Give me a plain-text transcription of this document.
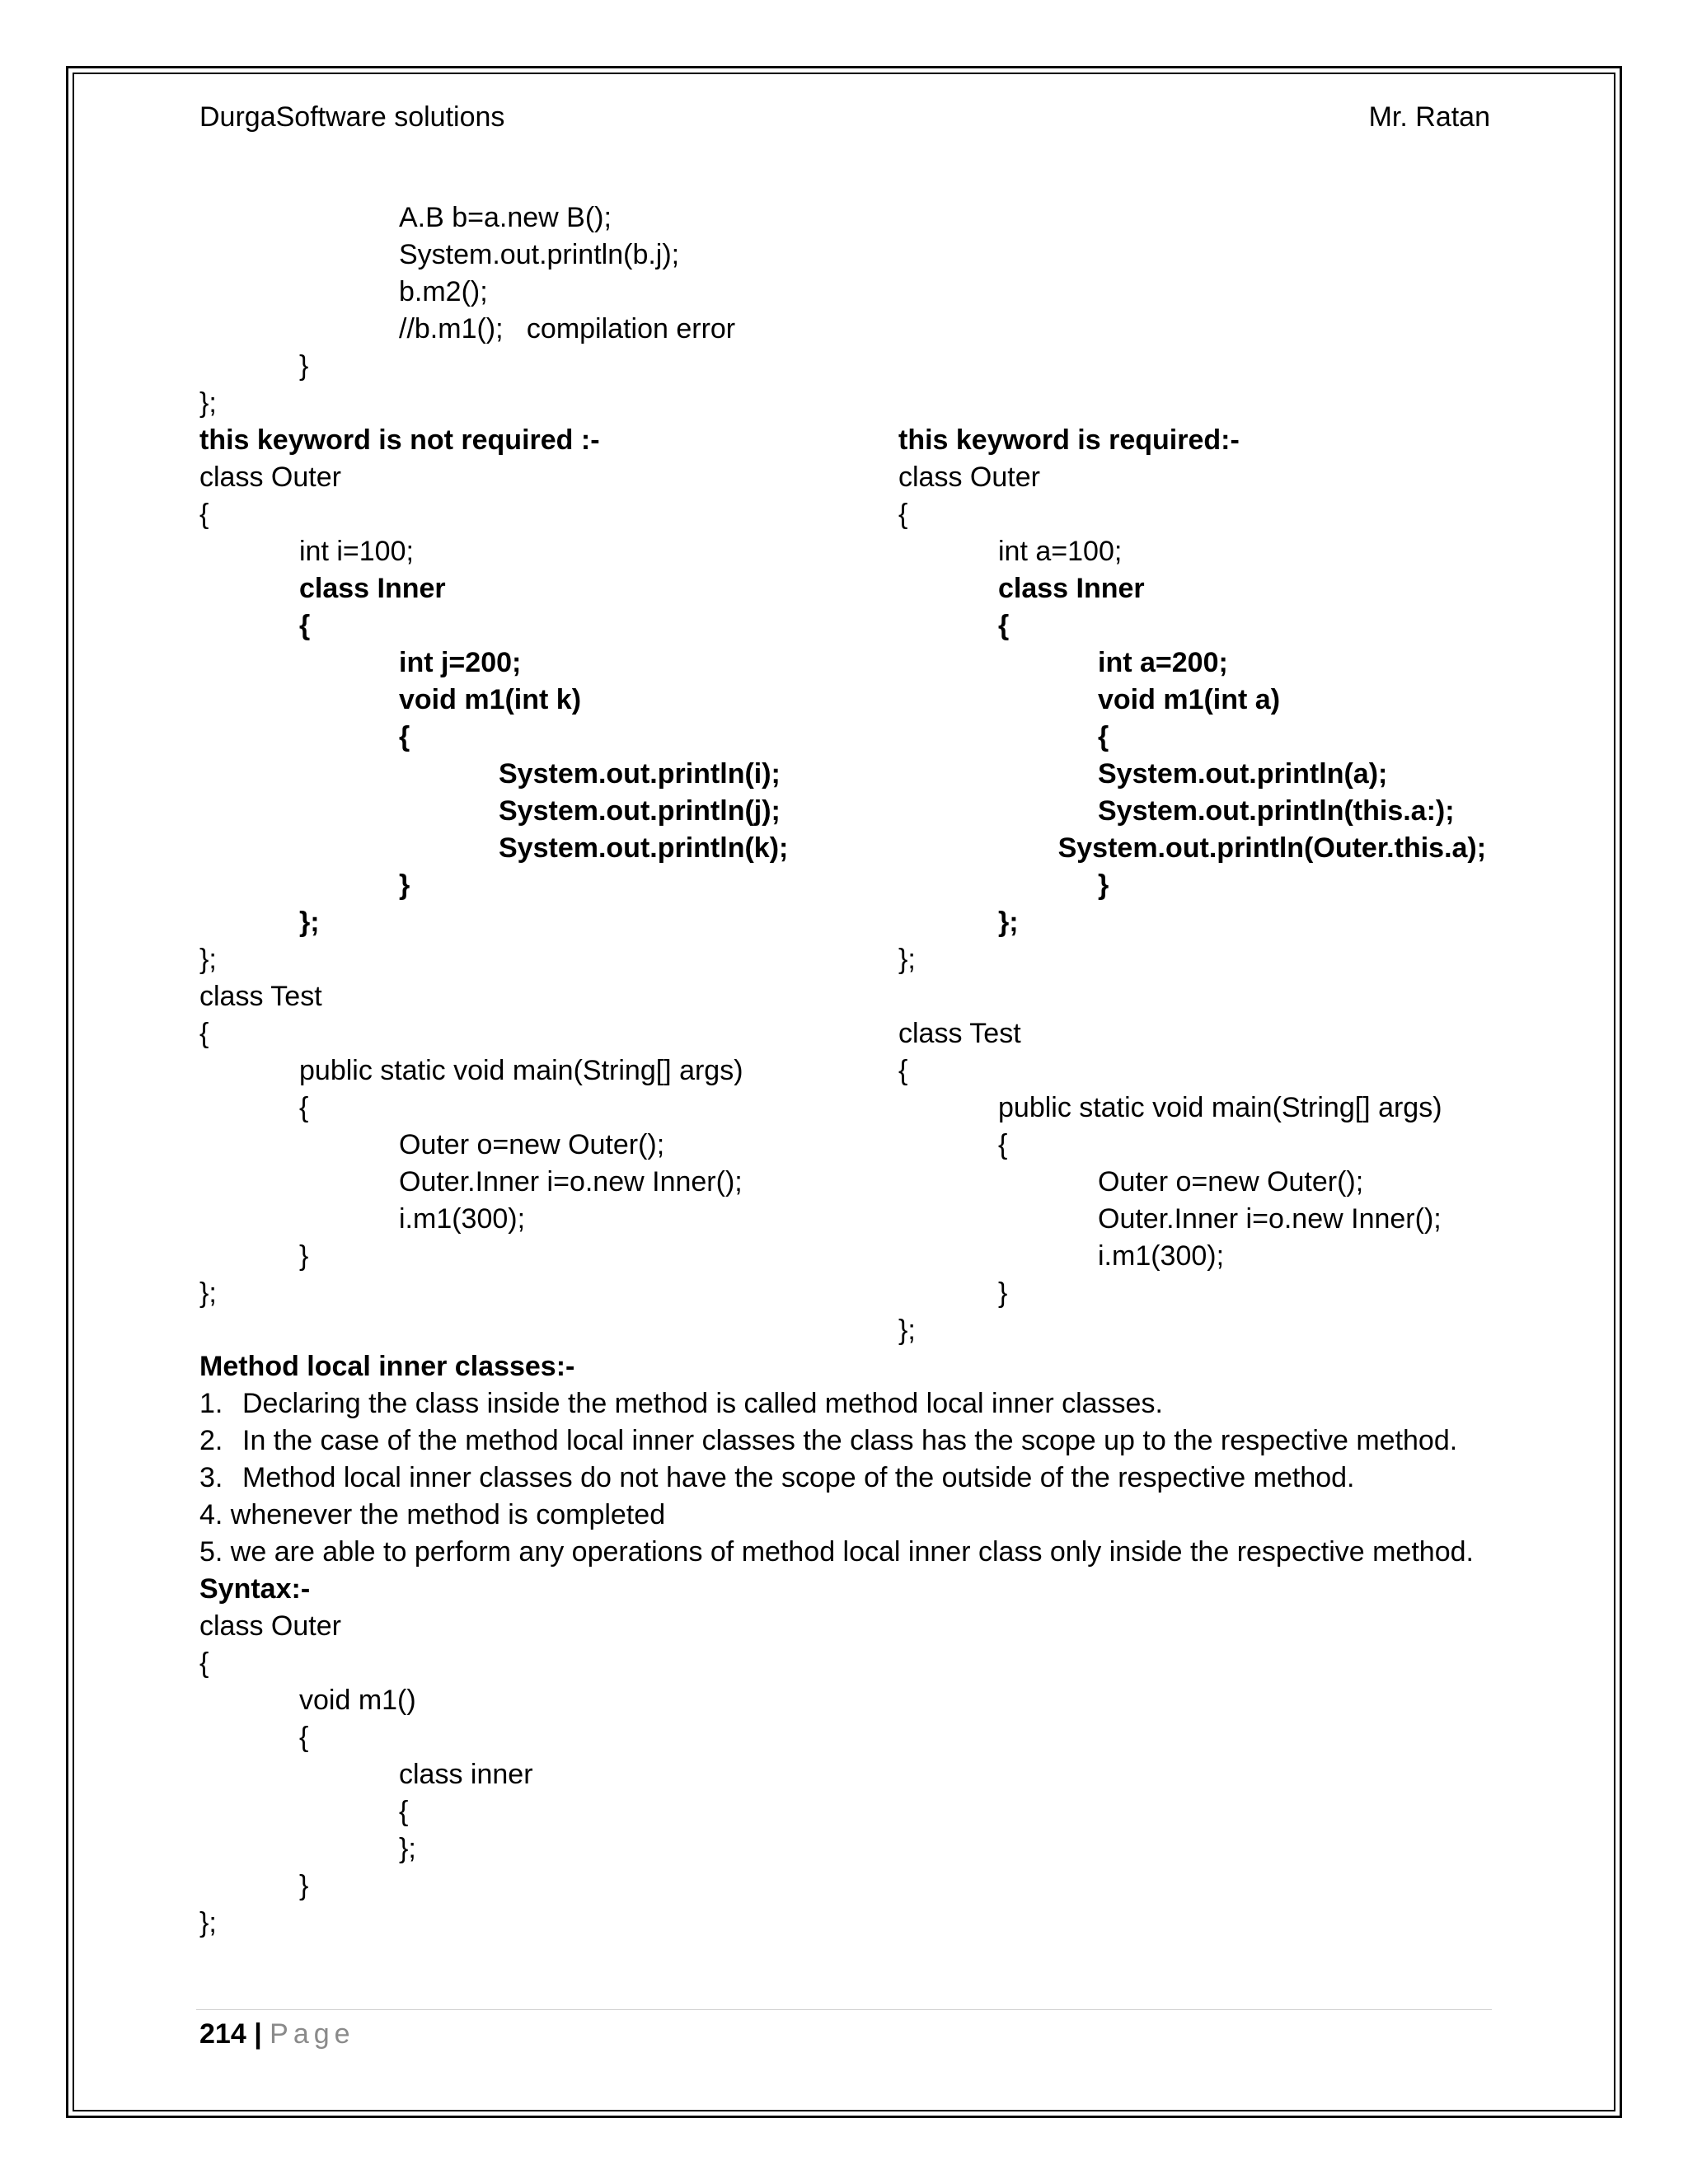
DurgaSoftware solutions	Mr. Ratan
A.B b=a.new B();
System.out.println(b.j);
b.m2();
//b.m1();   compilation error
}
};
this keyword is not required :-
class Outer
{
int i=100;
class Inner
{
int j=200;
void m1(int k)
{
System.out.println(i);
System.out.println(j);
System.out.println(k);
}
};
};
class Test
{
public static void main(String[] args)
{
Outer o=new Outer();
Outer.Inner i=o.new Inner();
i.m1(300);
}
};
this keyword is required:-
class Outer
{
int a=100;
class Inner
{
int a=200;
void m1(int a)
{
System.out.println(a);
System.out.println(this.a:);
System.out.println(Outer.this.a);
}
};
};
class Test
{
public static void main(String[] args)
{
Outer o=new Outer();
Outer.Inner i=o.new Inner();
i.m1(300);
}
};
Method local inner classes:-
1. Declaring the class inside the method is called method local inner classes.
2. In the case of the method local inner classes the class has the scope up to the respective method.
3. Method local inner classes do not have the scope of the outside of the respective method.
4. whenever the method is completed
5. we are able to perform any operations of method local inner class only inside the respective method.
Syntax:-
class Outer
{
void m1()
{
class inner
{
};
}
};
214 | Page
